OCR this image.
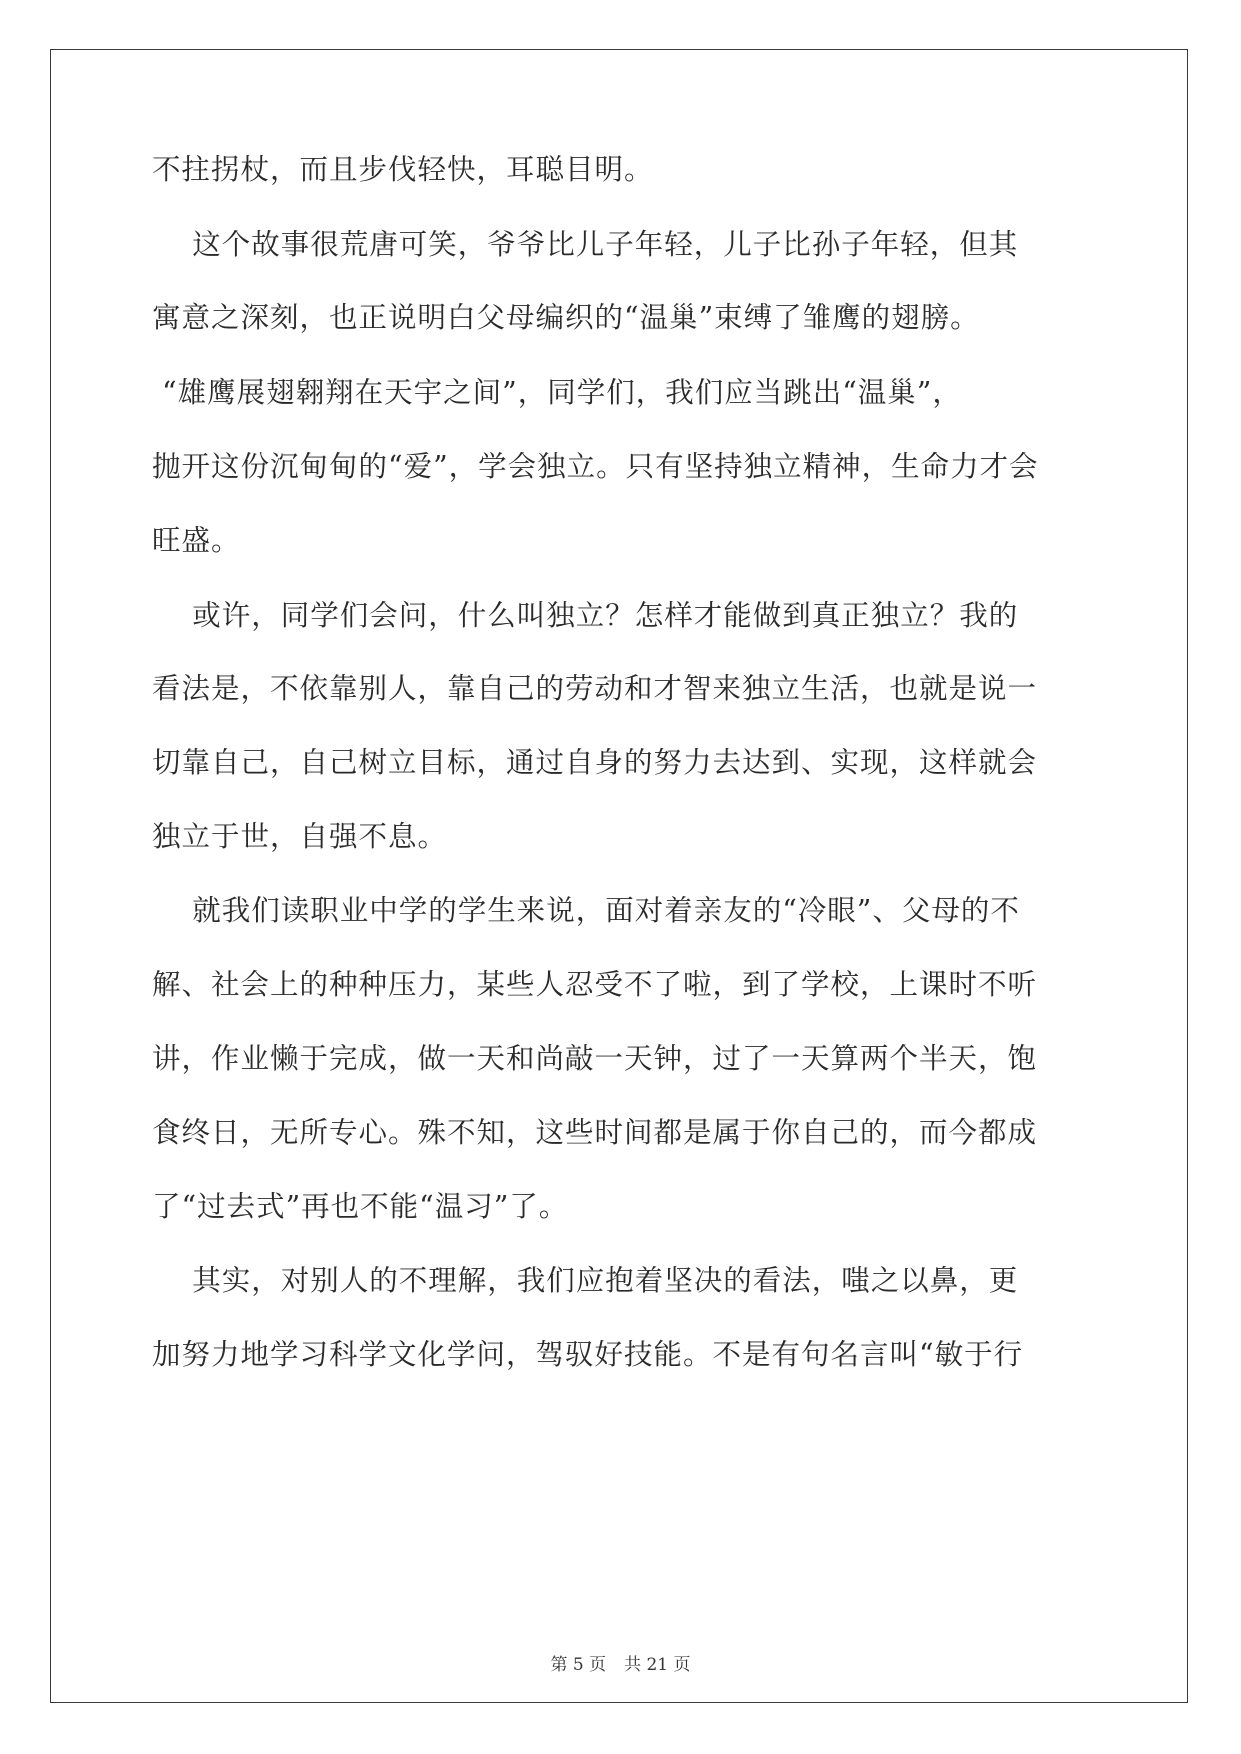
不拄拐杖，而且步伐轻快，耳聪目明。

这个故事很荒唐可笑，爷爷比儿子年轻，儿子比孙子年轻，但其

寓意之深刻，也正说明白父母编织的“温巢”束缚了雏鹰的翅膀。

“雄鹰展翅翱翔在天宇之间”，同学们，我们应当跳出“温巢”，

抛开这份沉甸甸的“爱”，学会独立。只有坚持独立精神，生命力才会

旺盛。

或许，同学们会问，什么叫独立？怎样才能做到真正独立？我的

看法是，不依靠别人，靠自己的劳动和才智来独立生活，也就是说一

切靠自己，自己树立目标，通过自身的努力去达到、实现，这样就会

独立于世，自强不息。

就我们读职业中学的学生来说，面对着亲友的“冷眼”、父母的不

解、社会上的种种压力，某些人忍受不了啦，到了学校，上课时不听

讲，作业懒于完成，做一天和尚敲一天钟，过了一天算两个半天，饱

食终日，无所专心。殊不知，这些时间都是属于你自己的，而今都成

了“过去式”再也不能“温习”了。

其实，对别人的不理解，我们应抱着坚决的看法，嗤之以鼻，更

加努力地学习科学文化学问，驾驭好技能。不是有句名言叫“敏于行

第 5 页 共 21 页
